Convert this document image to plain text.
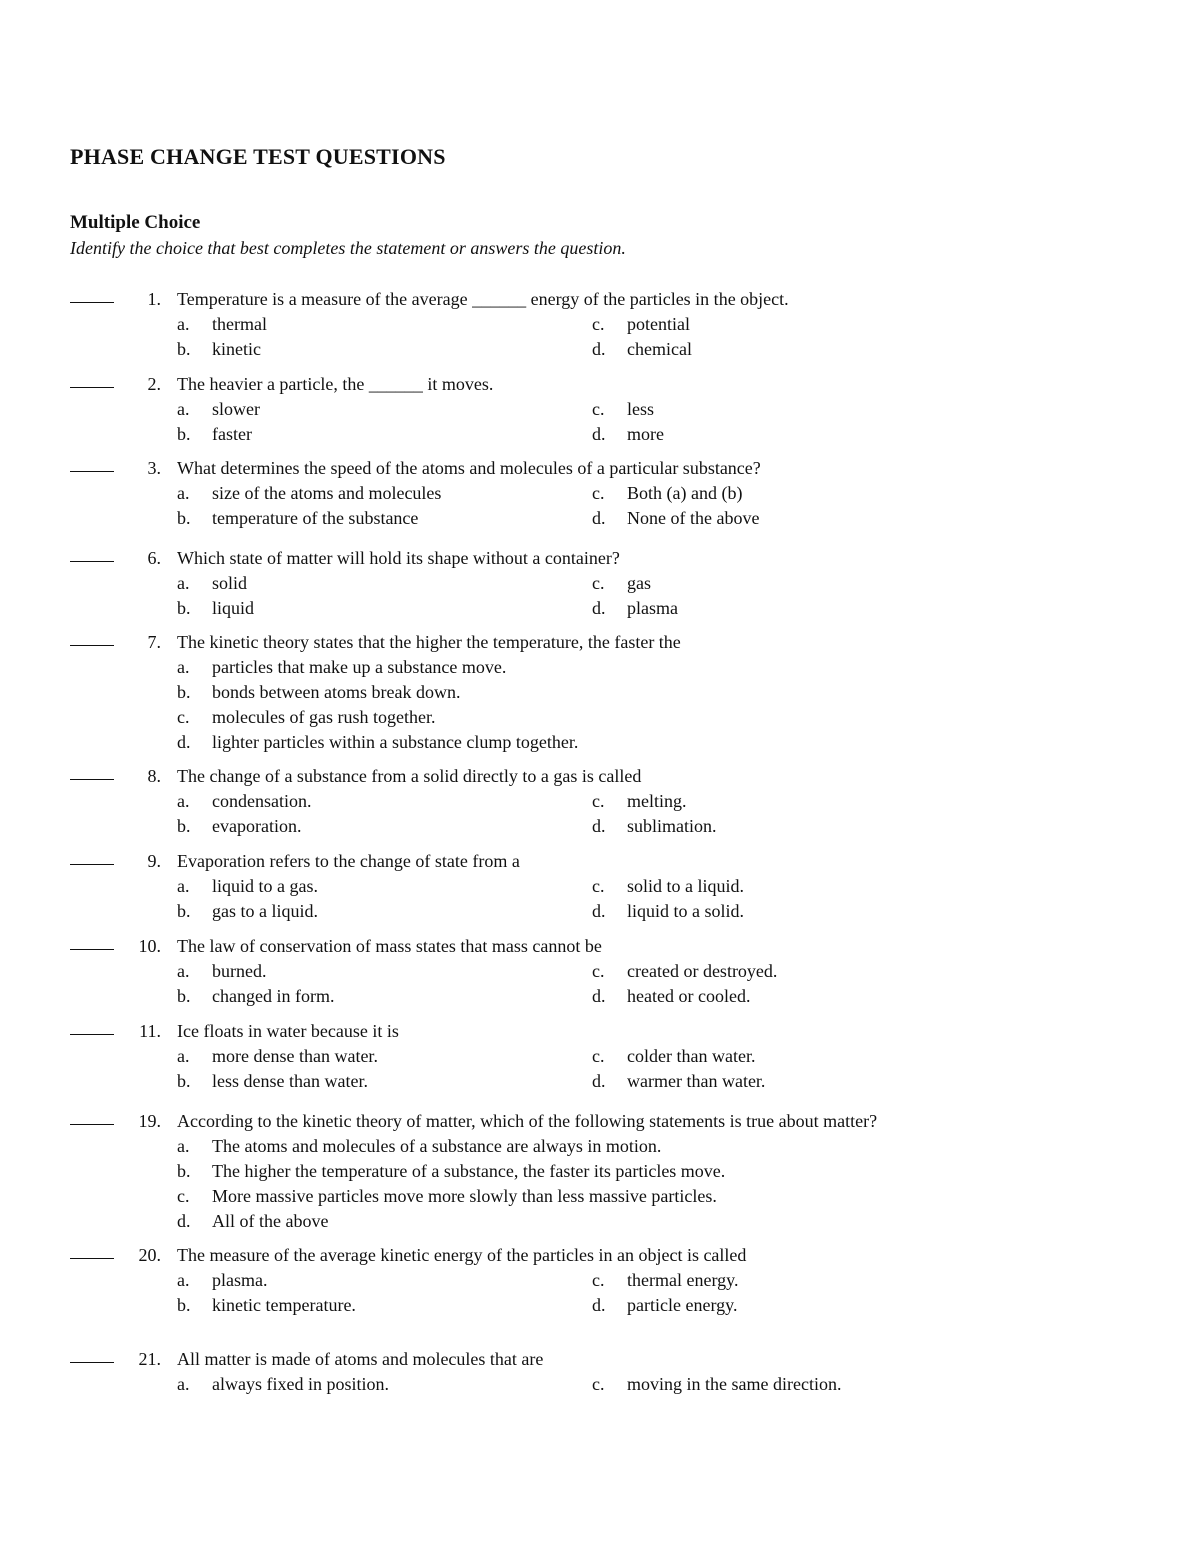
PHASE CHANGE TEST QUESTIONS
Multiple Choice
Identify the choice that best completes the statement or answers the question.
1. Temperature is a measure of the average ______ energy of the particles in the object.
a. thermal	c. potential
b. kinetic	d. chemical
2. The heavier a particle, the ______ it moves.
a. slower	c. less
b. faster	d. more
3. What determines the speed of the atoms and molecules of a particular substance?
a. size of the atoms and molecules	c. Both (a) and (b)
b. temperature of the substance	d. None of the above
6. Which state of matter will hold its shape without a container?
a. solid	c. gas
b. liquid	d. plasma
7. The kinetic theory states that the higher the temperature, the faster the
a. particles that make up a substance move.
b. bonds between atoms break down.
c. molecules of gas rush together.
d. lighter particles within a substance clump together.
8. The change of a substance from a solid directly to a gas is called
a. condensation.	c. melting.
b. evaporation.	d. sublimation.
9. Evaporation refers to the change of state from a
a. liquid to a gas.	c. solid to a liquid.
b. gas to a liquid.	d. liquid to a solid.
10. The law of conservation of mass states that mass cannot be
a. burned.	c. created or destroyed.
b. changed in form.	d. heated or cooled.
11. Ice floats in water because it is
a. more dense than water.	c. colder than water.
b. less dense than water.	d. warmer than water.
19. According to the kinetic theory of matter, which of the following statements is true about matter?
a. The atoms and molecules of a substance are always in motion.
b. The higher the temperature of a substance, the faster its particles move.
c. More massive particles move more slowly than less massive particles.
d. All of the above
20. The measure of the average kinetic energy of the particles in an object is called
a. plasma.	c. thermal energy.
b. kinetic temperature.	d. particle energy.
21. All matter is made of atoms and molecules that are
a. always fixed in position.	c. moving in the same direction.
